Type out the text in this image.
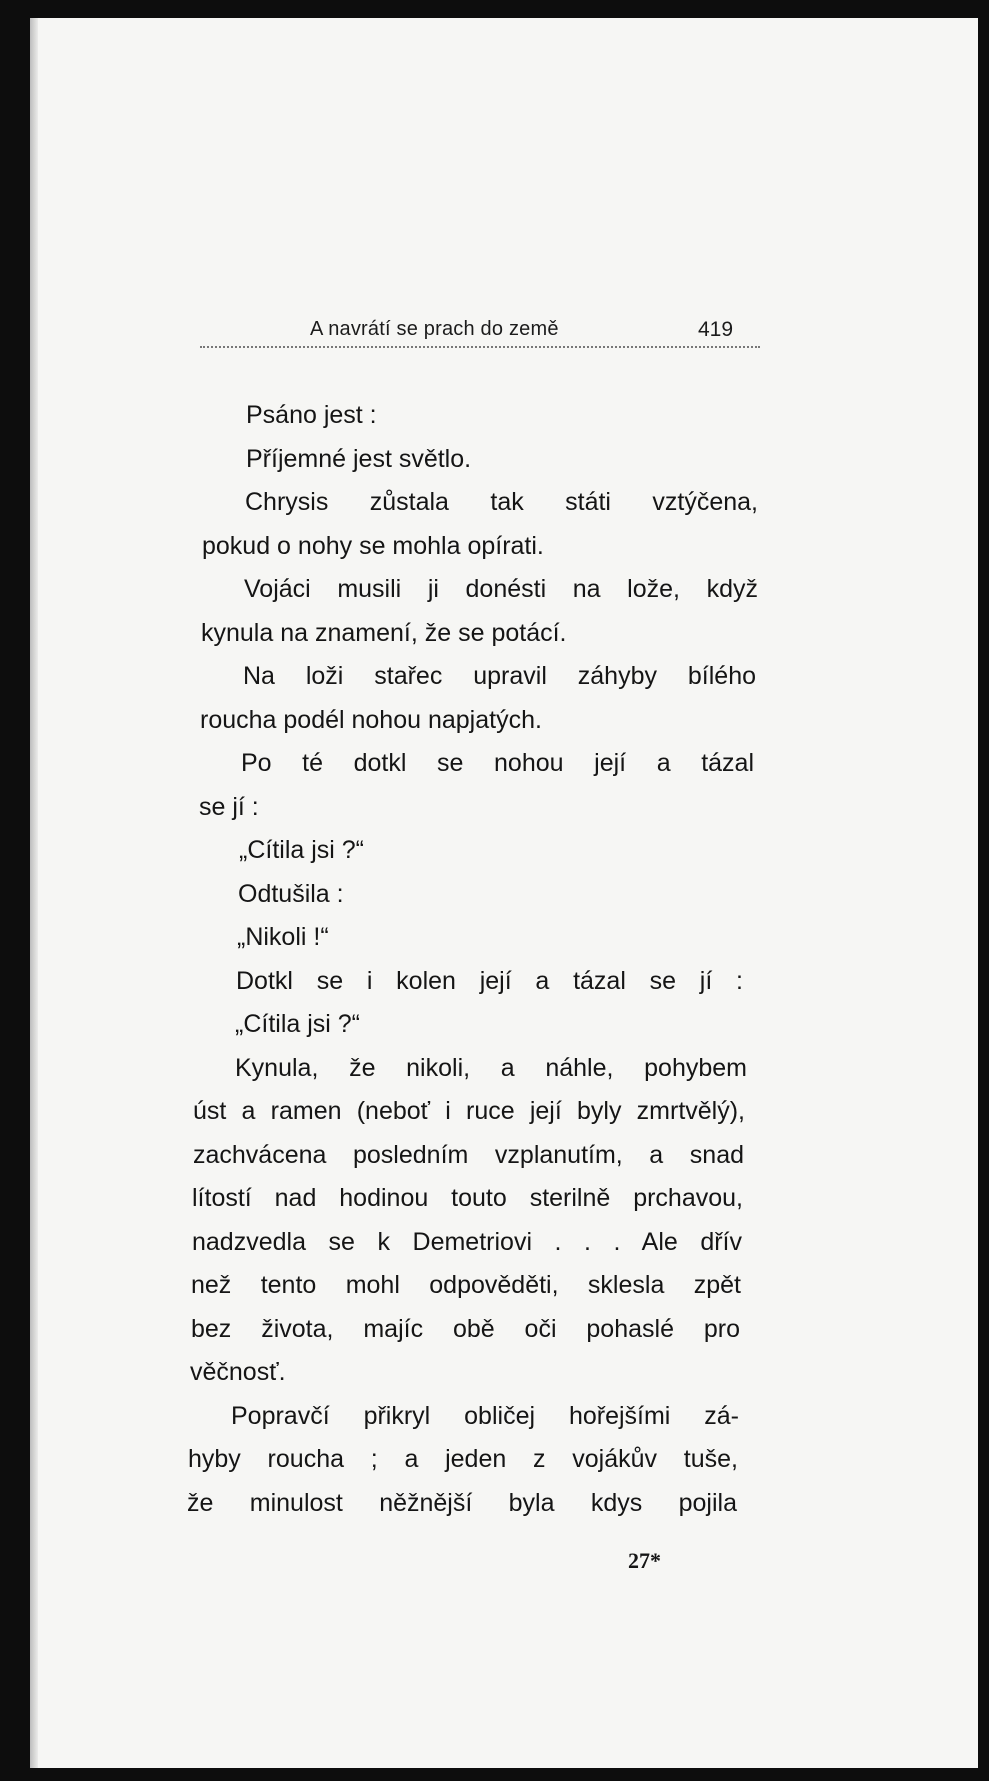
A navrátí se prach do země	419

Psáno jest :

Příjemné jest světlo.

Chrysis zůstala tak státi vztýčena,

pokud o nohy se mohla opírati.

Vojáci musili ji donésti na lože, když

kynula na znamení, že se potácí.

Na loži stařec upravil záhyby bílého

roucha podél nohou napjatých.

Po té dotkl se nohou její a tázal

se jí :

„Cítila jsi ?“

Odtušila :

„Nikoli !“

Dotkl se i kolen její a tázal se jí :

„Cítila jsi ?“

Kynula, že nikoli, a náhle, pohybem

úst a ramen (neboť i ruce její byly zmrtvělý),

zachvácena posledním vzplanutím, a snad

lítostí nad hodinou touto sterilně prchavou,

nadzvedla se k Demetriovi . . . Ale dřív

než tento mohl odpověděti, sklesla zpět

bez života, majíc obě oči pohaslé pro

věčnosť.

Popravčí přikryl obličej hořejšími zá-

hyby roucha ; a jeden z vojákův tuše,

že minulost něžnější byla kdys pojila

27*
